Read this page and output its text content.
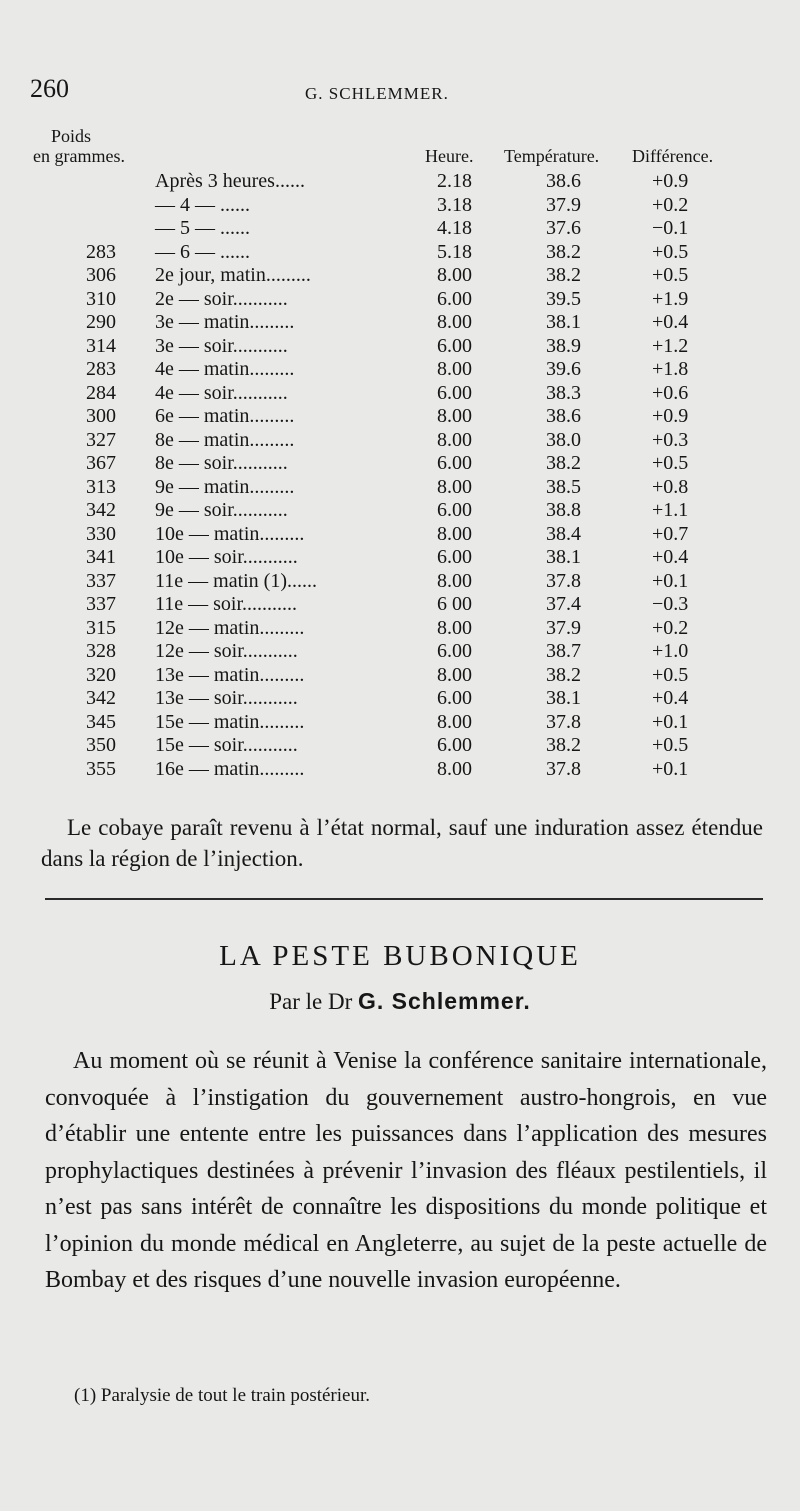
260	G. SCHLEMMER.
Poids
en grammes.	Heure. Température. Différence.
Après 3 heures......	2.18	38.6	+0.9
— 4 — ......	3.18	37.9	+0.2
— 5 — ......	4.18	37.6	−0.1
283 — 6 — ......	5.18	38.2	+0.5
306 2e jour, matin.........	8.00	38.2	+0.5
310 2e — soir...........	6.00	39.5	+1.9
290 3e — matin.........	8.00	38.1	+0.4
314 3e — soir...........	6.00	38.9	+1.2
283 4e — matin.........	8.00	39.6	+1.8
284 4e — soir...........	6.00	38.3	+0.6
300 6e — matin.........	8.00	38.6	+0.9
327 8e — matin.........	8.00	38.0	+0.3
367 8e — soir...........	6.00	38.2	+0.5
313 9e — matin.........	8.00	38.5	+0.8
342 9e — soir...........	6.00	38.8	+1.1
330 10e — matin.........	8.00	38.4	+0.7
341 10e — soir...........	6.00	38.1	+0.4
337 11e — matin (1)......	8.00	37.8	+0.1
337 11e — soir...........	6 00	37.4	−0.3
315 12e — matin.........	8.00	37.9	+0.2
328 12e — soir...........	6.00	38.7	+1.0
320 13e — matin.........	8.00	38.2	+0.5
342 13e — soir...........	6.00	38.1	+0.4
345 15e — matin.........	8.00	37.8	+0.1
350 15e — soir...........	6.00	38.2	+0.5
355 16e — matin.........	8.00	37.8	+0.1

Le cobaye paraît revenu à l’état normal, sauf une induration assez étendue dans la région de l’injection.

LA PESTE BUBONIQUE
Par le Dr G. Schlemmer.

Au moment où se réunit à Venise la conférence sanitaire internationale, convoquée à l’instigation du gouvernement austro-hongrois, en vue d’établir une entente entre les puissances dans l’application des mesures prophylactiques destinées à prévenir l’invasion des fléaux pestilentiels, il n’est pas sans intérêt de connaître les dispositions du monde politique et l’opinion du monde médical en Angleterre, au sujet de la peste actuelle de Bombay et des risques d’une nouvelle invasion européenne.

(1) Paralysie de tout le train postérieur.
